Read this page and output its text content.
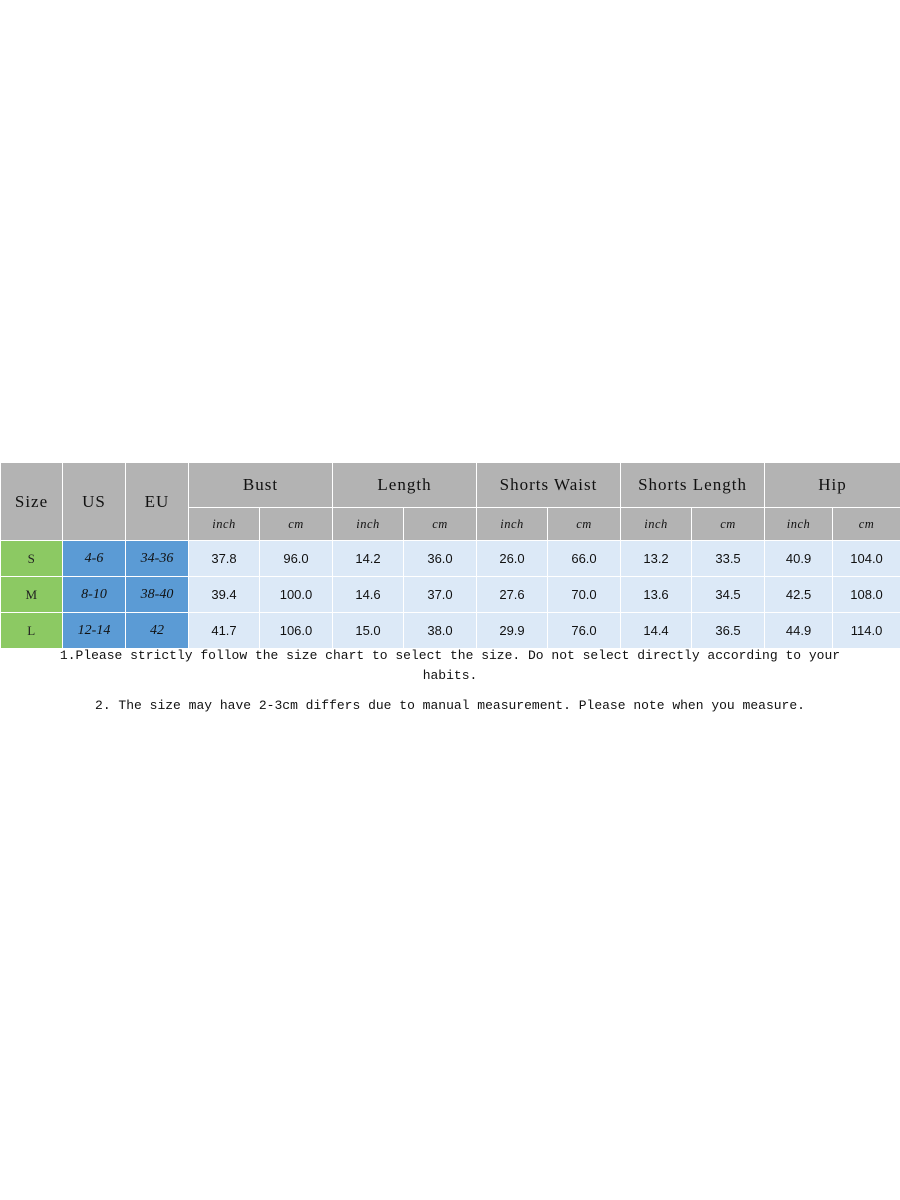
Size	US	EU	Bust		Length		Shorts Waist		Shorts Length		Hip	
			inch	cm	inch	cm	inch	cm	inch	cm	inch	cm
S	4-6	34-36	37.8	96.0	14.2	36.0	26.0	66.0	13.2	33.5	40.9	104.0
M	8-10	38-40	39.4	100.0	14.6	37.0	27.6	70.0	13.6	34.5	42.5	108.0
L	12-14	42	41.7	106.0	15.0	38.0	29.9	76.0	14.4	36.5	44.9	114.0
1.Please strictly follow the size chart to select the size. Do not select directly according to your habits.
2. The size may have 2-3cm differs due to manual measurement. Please note when you measure.
